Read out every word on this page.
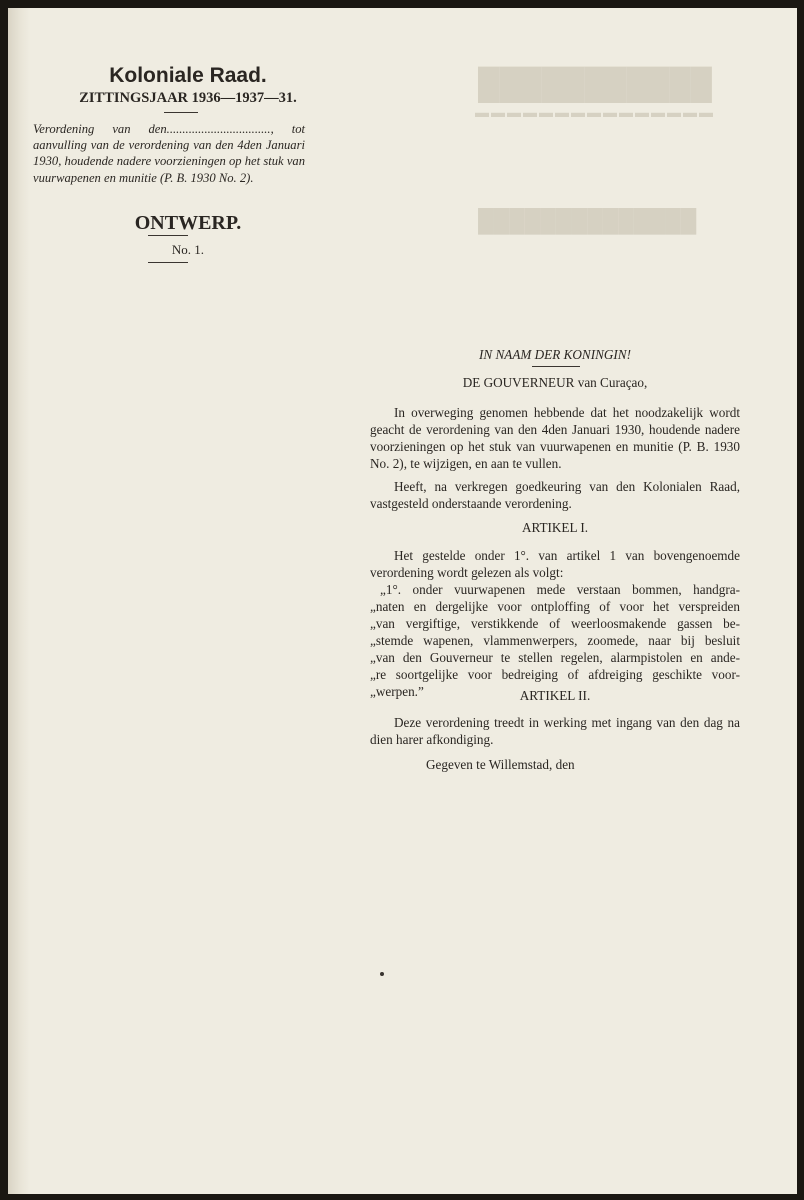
███████████
▬▬▬▬▬▬▬▬▬▬▬▬▬▬▬
██████████████
Koloniale Raad.
ZITTINGSJAAR 1936—1937—31.
Verordening van den................................., tot aanvulling van de verordening van den 4den Januari 1930, houdende nadere voorzieningen op het stuk van vuurwapenen en munitie (P. B. 1930 No. 2).
ONTWERP.
No. 1.
IN NAAM DER KONINGIN!
DE GOUVERNEUR van Curaçao,

In overweging genomen hebbende dat het noodzakelijk wordt geacht de verordening van den 4den Januari 1930, houdende nadere voorzieningen op het stuk van vuurwapenen en munitie (P. B. 1930 No. 2), te wijzigen, en aan te vullen.

Heeft, na verkregen goedkeuring van den Kolonialen Raad, vastgesteld onderstaande verordening.

ARTIKEL I.

Het gestelde onder 1°. van artikel 1 van bovengenoemde verordening wordt gelezen als volgt:

„1°. onder vuurwapenen mede verstaan bommen, handgra-

„naten en dergelijke voor ontploffing of voor het verspreiden

„van vergiftige, verstikkende of weerloosmakende gassen be-

„stemde wapenen, vlammenwerpers, zoomede, naar bij besluit

„van den Gouverneur te stellen regelen, alarmpistolen en ande-

„re soortgelijke voor bedreiging of afdreiging geschikte voor-

„werpen.”	ARTIKEL II.

Deze verordening treedt in werking met ingang van den dag na dien harer afkondiging.

Gegeven te Willemstad, den
